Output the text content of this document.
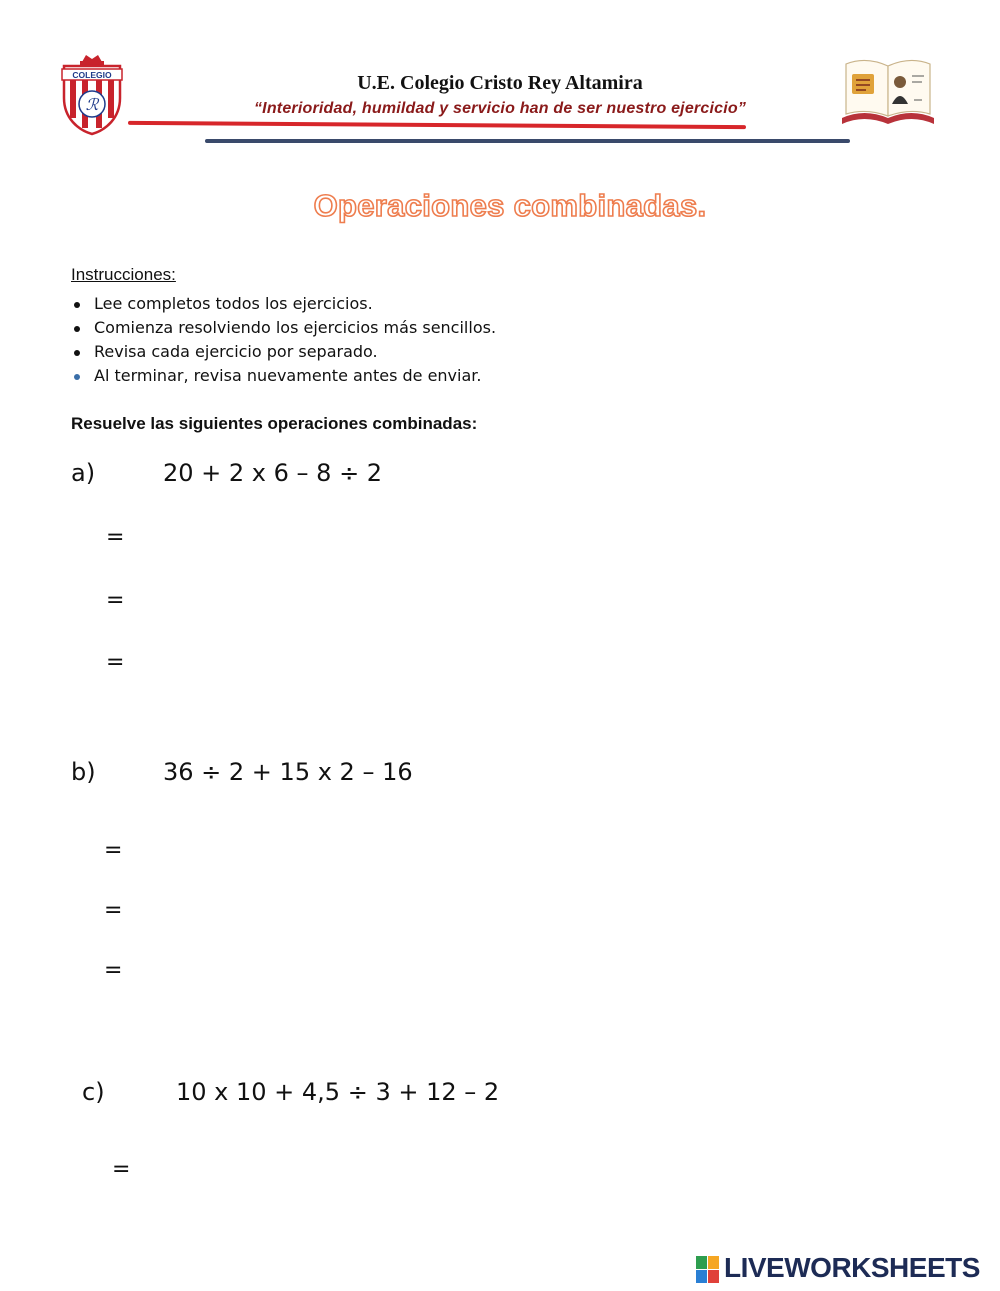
COLEGIO
ℛ
U.E. Colegio Cristo Rey Altamira
“Interioridad, humildad y servicio han de ser nuestro ejercicio”
Operaciones combinadas.
Instrucciones:
Lee completos todos los ejercicios.
Comienza resolviendo los ejercicios más sencillos.
Revisa cada ejercicio por separado.
Al terminar, revisa nuevamente antes de enviar.
Resuelve las siguientes operaciones combinadas:
a)	20 + 2 x 6 – 8 ÷ 2
=
=
=
b)	36 ÷ 2 + 15 x 2 – 16
=
=
=
c)	10 x 10 + 4,5 ÷ 3 + 12 – 2
=
LIVEWORKSHEETS
